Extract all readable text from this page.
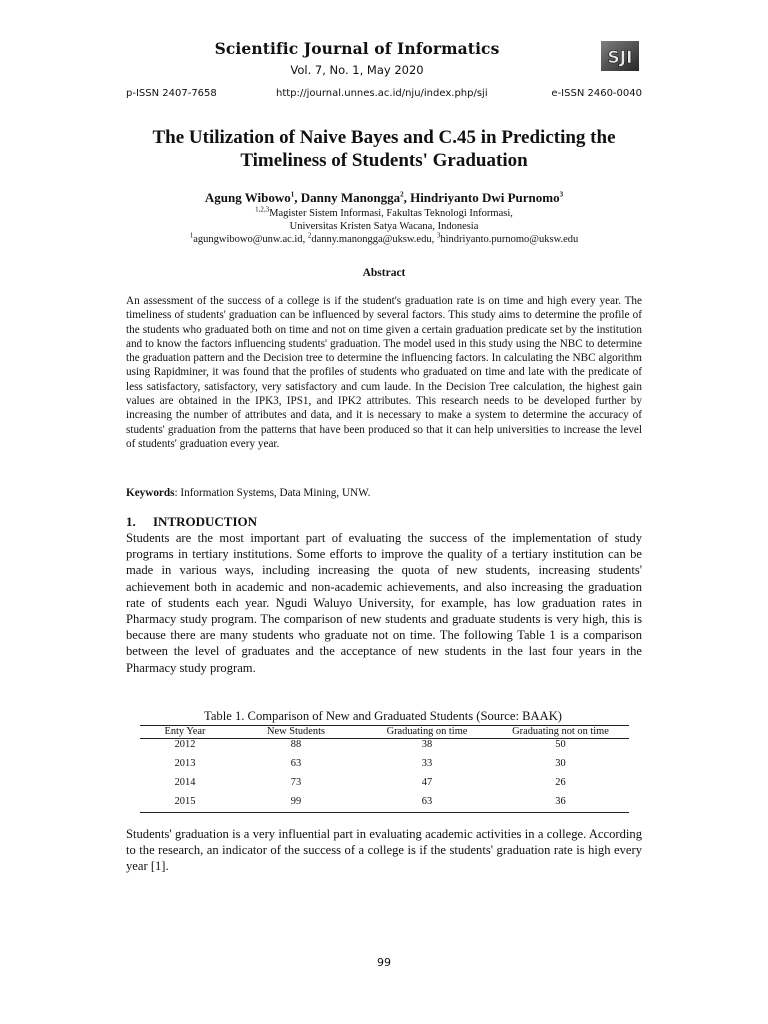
Scientific Journal of Informatics
Vol. 7, No. 1, May 2020
SJI
p-ISSN 2407-7658	http://journal.unnes.ac.id/nju/index.php/sji	e-ISSN 2460-0040
The Utilization of Naive Bayes and C.45 in Predicting the
Timeliness of Students' Graduation
Agung Wibowo$^1$, Danny Manongga$^2$, Hindriyanto Dwi Purnomo$^3$
$^{1,2,3}$Magister Sistem Informasi, Fakultas Teknologi Informasi,
Universitas Kristen Satya Wacana, Indonesia
$^1$agungwibowo@unw.ac.id, $^2$danny.manongga@uksw.edu, $^3$hindriyanto.purnomo@uksw.edu
Abstract
An assessment of the success of a college is if the student's graduation rate is on time and high every year. The timeliness of students' graduation can be influenced by several factors. This study aims to determine the profile of the students who graduated both on time and not on time given a certain graduation predicate set by the institution and to know the factors influencing students' graduation. The model used in this study using the NBC to determine the graduation pattern and the Decision tree to determine the influencing factors. In calculating the NBC algorithm using Rapidminer, it was found that the profiles of students who graduated on time and late with the predicate of less satisfactory, satisfactory, very satisfactory and cum laude. In the Decision Tree calculation, the highest gain values are obtained in the IPK3, IPS1, and IPK2 attributes. This research needs to be developed further by increasing the number of attributes and data, and it is necessary to make a system to determine the accuracy of students' graduation from the patterns that have been produced so that it can help universities to increase the level of students' graduation every year.
Keywords: Information Systems, Data Mining, UNW.
1. INTRODUCTION
Students are the most important part of evaluating the success of the implementation of study programs in tertiary institutions. Some efforts to improve the quality of a tertiary institution can be made in various ways, including increasing the quota of new students, increasing students' achievement both in academic and non-academic achievements, and also increasing the graduation rate of students each year. Ngudi Waluyo University, for example, has low graduation rates in Pharmacy study program. The comparison of new students and graduate students is very high, this is because there are many students who graduate not on time. The following Table 1 is a comparison between the level of graduates and the acceptance of new students in the last four years in the Pharmacy study program.
Table 1. Comparison of New and Graduated Students (Source: BAAK)
Enty Year	New Students	Graduating on time	Graduating not on time
2012	88	38	50
2013	63	33	30
2014	73	47	26
2015	99	63	36
Students' graduation is a very influential part in evaluating academic activities in a college. According to the research, an indicator of the success of a college is if the students' graduation rate is high every year [1].
99
